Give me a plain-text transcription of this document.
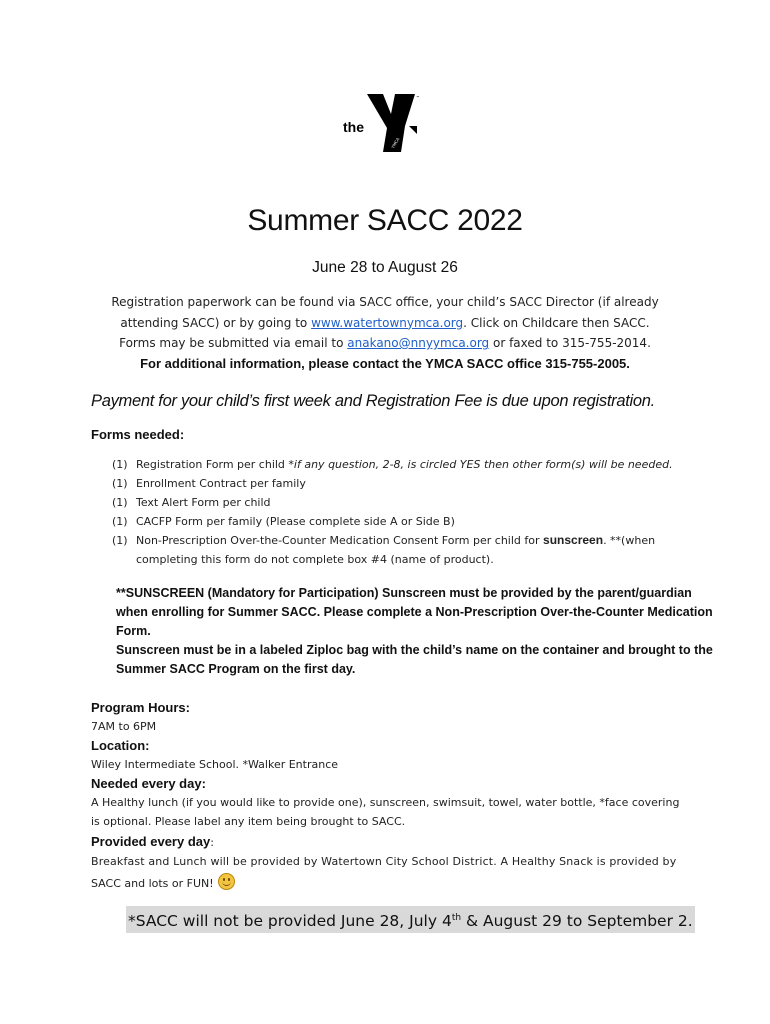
the
™
YMCA
Summer SACC 2022
June 28 to August 26
Registration paperwork can be found via SACC office, your child’s SACC Director (if already
attending SACC) or by going to www.watertownymca.org. Click on Childcare then SACC.
Forms may be submitted via email to anakano@nnyymca.org or faxed to 315-755-2014.
For additional information, please contact the YMCA SACC office 315-755-2005.
Payment for your child’s first week and Registration Fee is due upon registration.
Forms needed:
(1) Registration Form per child *if any question, 2-8, is circled YES then other form(s) will be needed.
(1) Enrollment Contract per family
(1) Text Alert Form per child
(1) CACFP Form per family (Please complete side A or Side B)
(1) Non-Prescription Over-the-Counter Medication Consent Form per child for sunscreen. **(when
completing this form do not complete box #4 (name of product).
**SUNSCREEN (Mandatory for Participation) Sunscreen must be provided by the parent/guardian
when enrolling for Summer SACC. Please complete a Non-Prescription Over-the-Counter Medication
Form.
Sunscreen must be in a labeled Ziploc bag with the child’s name on the container and brought to the
Summer SACC Program on the first day.
Program Hours:
7AM to 6PM
Location:
Wiley Intermediate School. *Walker Entrance
Needed every day:
A Healthy lunch (if you would like to provide one), sunscreen, swimsuit, towel, water bottle, *face covering
is optional. Please label any item being brought to SACC.
Provided every day:
Breakfast and Lunch will be provided by Watertown City School District. A Healthy Snack is provided by
SACC and lots or FUN!
*SACC will not be provided June 28, July 4th & August 29 to September 2.
